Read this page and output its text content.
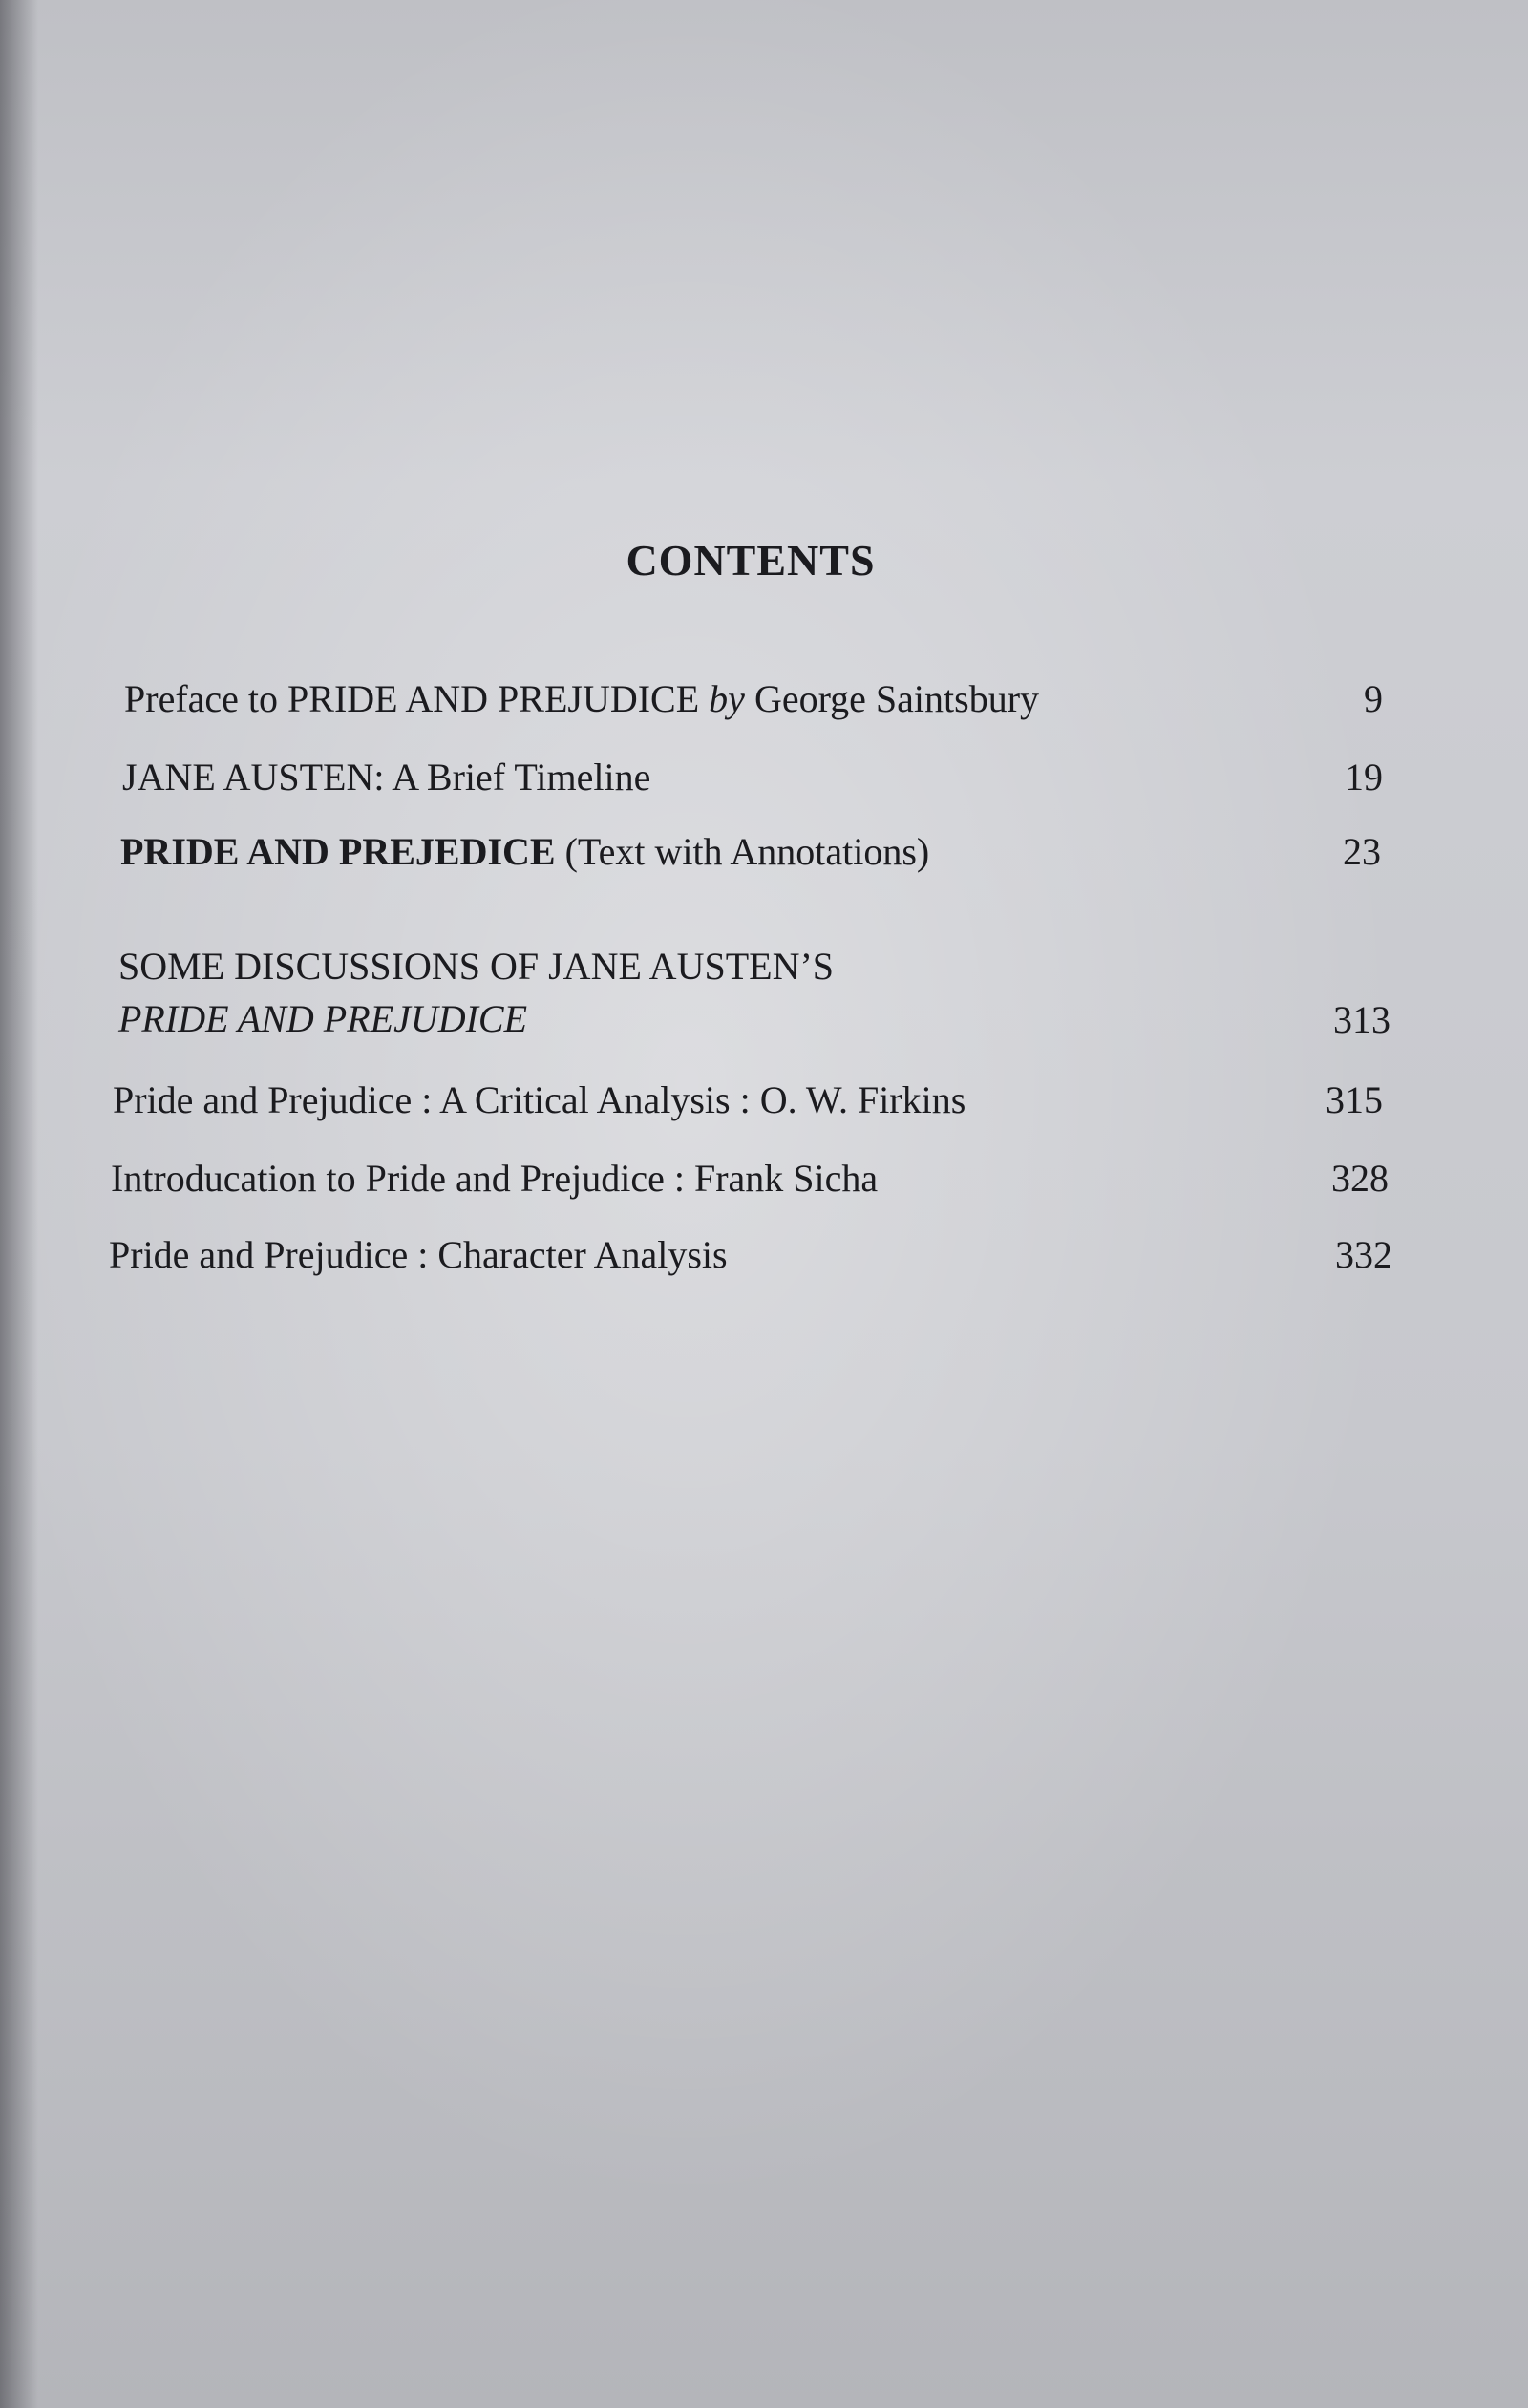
CONTENTS
Preface to PRIDE AND PREJUDICE by George Saintsbury	9
JANE AUSTEN: A Brief Timeline	19
PRIDE AND PREJEDICE (Text with Annotations)	23
SOME DISCUSSIONS OF JANE AUSTEN’S
PRIDE AND PREJUDICE	313
Pride and Prejudice : A Critical Analysis : O. W. Firkins	315
Introducation to Pride and Prejudice : Frank Sicha	328
Pride and Prejudice : Character Analysis	332
